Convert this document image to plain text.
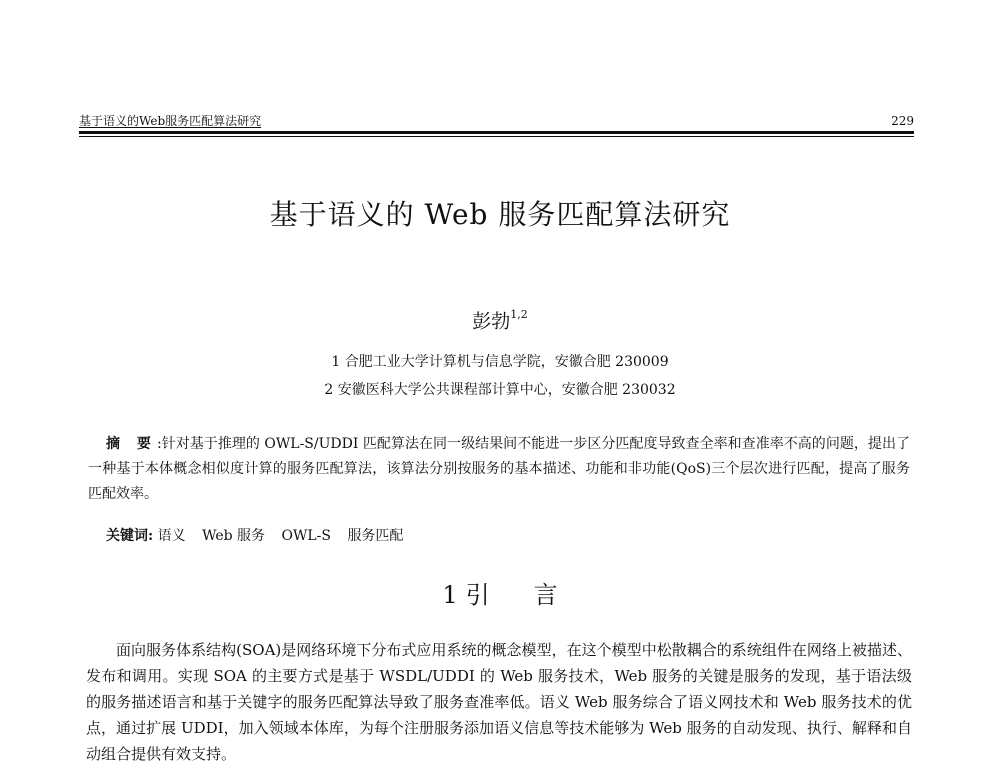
基于语义的Web服务匹配算法研究	229
基于语义的 Web 服务匹配算法研究
彭勃$^{1,2}$
1 合肥工业大学计算机与信息学院，安徽合肥 230009
2 安徽医科大学公共课程部计算中心，安徽合肥 230032
摘 要:针对基于推理的 OWL-S/UDDI 匹配算法在同一级结果间不能进一步区分匹配度导致查全率和查准率不高的问题，提出了一种基于本体概念相似度计算的服务匹配算法，该算法分别按服务的基本描述、功能和非功能(QoS)三个层次进行匹配，提高了服务匹配效率。
关键词: 语义 Web 服务 OWL-S 服务匹配
1 引 言
面向服务体系结构(SOA)是网络环境下分布式应用系统的概念模型，在这个模型中松散耦合的系统组件在网络上被描述、发布和调用。实现 SOA 的主要方式是基于 WSDL/UDDI 的 Web 服务技术，Web 服务的关键是服务的发现，基于语法级的服务描述语言和基于关键字的服务匹配算法导致了服务查准率低。语义 Web 服务综合了语义网技术和 Web 服务技术的优点，通过扩展 UDDI，加入领域本体库，为每个注册服务添加语义信息等技术能够为 Web 服务的自动发现、执行、解释和自动组合提供有效支持。
